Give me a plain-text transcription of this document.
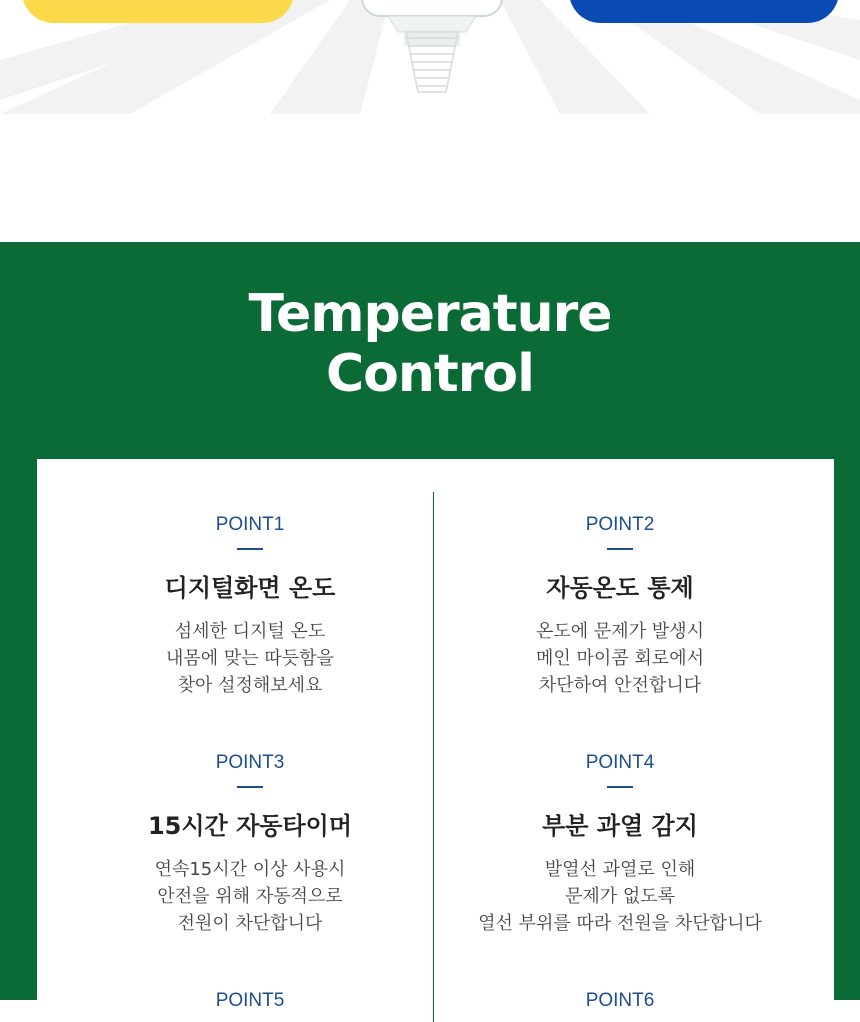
Temperature
Control
POINT1
디지털화면 온도
섬세한 디지털 온도
내몸에 맞는 따듯함을
찾아 설정해보세요
POINT2
자동온도 통제
온도에 문제가 발생시
메인 마이콤 회로에서
차단하여 안전합니다
POINT3
15시간 자동타이머
연속15시간 이상 사용시
안전을 위해 자동적으로
전원이 차단합니다
POINT4
부분 과열 감지
발열선 과열로 인해
문제가 없도록
열선 부위를 따라 전원을 차단합니다
POINT5	POINT6
